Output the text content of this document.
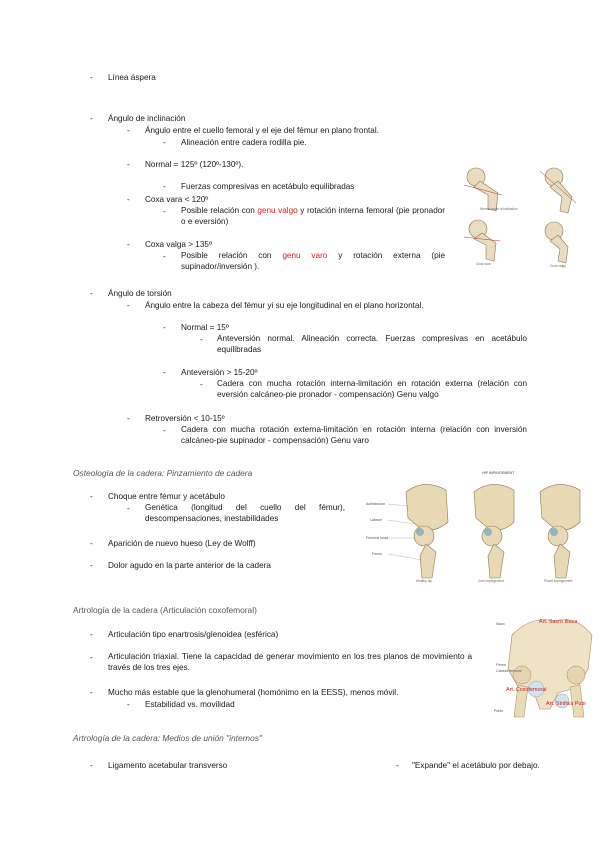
- Línea áspera
- Ángulo de inclinación
- Ángulo entre el cuello femoral y el eje del fémur en plano frontal.
- Alineación entre cadera rodilla pie.
- Normal = 125º (120º-130º).
- Fuerzas compresivas en acetábulo equilibradas
- Coxa vara < 120º
- Posible relación con genu valgo y rotación interna femoral (pie pronador o e eversión)
- Coxa valga > 135º
- Posible relación con genu varo y rotación externa (pie supinador/inversión ).
Normal angle of inclination
Coxa vara	Coxa valga
- Ángulo de torsión
- Ángulo entre la cabeza del fémur yi su eje longitudinal en el plano horizontal.
- Normal = 15º
- Anteversión normal. Alineación correcta. Fuerzas compresivas en acetábulo equilibradas
- Anteversión > 15-20º
- Cadera con mucha rotación interna-limitación en rotación externa (relación con eversión calcáneo-pie pronador - compensación) Genu valgo
- Retroversión < 10-15º
- Cadera con mucha rotación externa-limitación en rotación interna (relación con inversión calcáneo-pie supinador - compensación) Genu varo
Osteología de la cadera: Pinzamiento de cadera
- Choque entre fémur y acetábulo
- Genética (longitud del cuello del fémur), descompensaciones, inestabilidades
- Aparición de nuevo hueso (Ley de Wolff)
- Dolor agudo en la parte anterior de la cadera
HIP IMPINGEMENT
Acetabulum
Labrum
Femoral head
Femur
Healthy hip	Cam impingement	Pincer impingement
Artrología de la cadera (Articulación coxofemoral)
- Articulación tipo enartrosis/glenoidea (esférica)
- Articulación triaxial. Tiene la capacidad de generar movimiento en los tres planos de movimiento a través de los tres ejes.
- Mucho más estable que la glenohumeral (homónimo en la EESS), menos móvil.
- Estabilidad vs. movilidad
Ilíaco
Fémur
Cabeza femoral
Pubis
Art. Sacro Ilíaca
Art. Coxofemoral
Art. Sínfisis Pubi
Artrología de la cadera: Medios de unión "internos"
- Ligamento acetabular transverso	- "Expande" el acetábulo por debajo.
